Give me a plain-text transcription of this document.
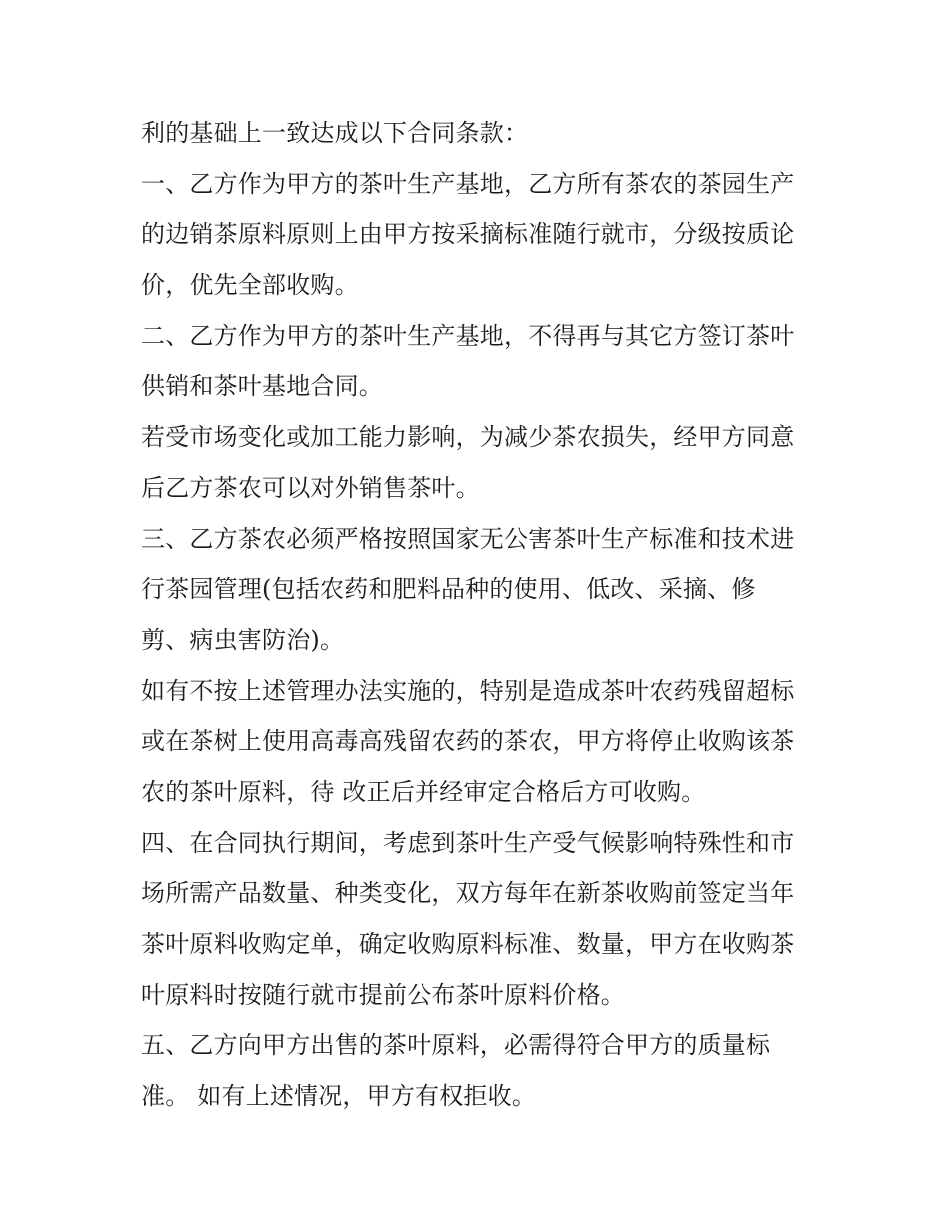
利的基础上一致达成以下合同条款：
一、乙方作为甲方的茶叶生产基地，乙方所有茶农的茶园生产
的边销茶原料原则上由甲方按采摘标准随行就市，分级按质论
价，优先全部收购。
二、乙方作为甲方的茶叶生产基地，不得再与其它方签订茶叶
供销和茶叶基地合同。
若受市场变化或加工能力影响，为减少茶农损失，经甲方同意
后乙方茶农可以对外销售茶叶。
三、乙方茶农必须严格按照国家无公害茶叶生产标准和技术进
行茶园管理(包括农药和肥料品种的使用、低改、采摘、修
剪、病虫害防治)。
如有不按上述管理办法实施的，特别是造成茶叶农药残留超标
或在茶树上使用高毒高残留农药的茶农，甲方将停止收购该茶
农的茶叶原料，待 改正后并经审定合格后方可收购。
四、在合同执行期间，考虑到茶叶生产受气候影响特殊性和市
场所需产品数量、种类变化，双方每年在新茶收购前签定当年
茶叶原料收购定单，确定收购原料标准、数量，甲方在收购茶
叶原料时按随行就市提前公布茶叶原料价格。
五、乙方向甲方出售的茶叶原料，必需得符合甲方的质量标
准。 如有上述情况，甲方有权拒收。
